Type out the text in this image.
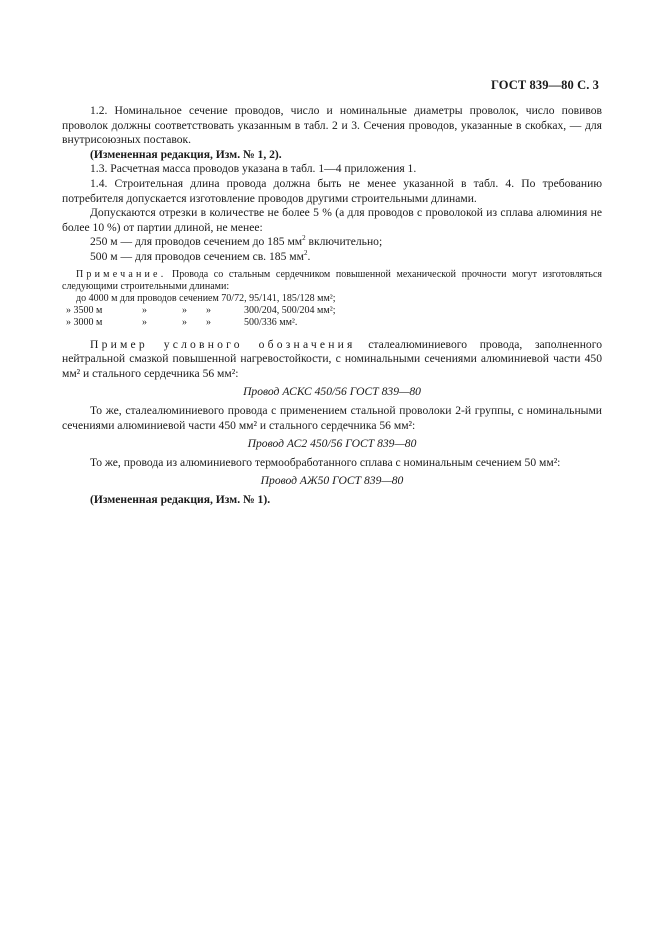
ГОСТ 839—80 С. 3

1.2. Номинальное сечение проводов, число и номинальные диаметры проволок, число повивов проволок должны соответствовать указанным в табл. 2 и 3. Сечения проводов, указанные в скобках, — для внутрисоюзных поставок.

(Измененная редакция, Изм. № 1, 2).

1.3. Расчетная масса проводов указана в табл. 1—4 приложения 1.

1.4. Строительная длина провода должна быть не менее указанной в табл. 4. По требованию потребителя допускается изготовление проводов другими строительными длинами.

Допускаются отрезки в количестве не более 5 % (а для проводов с проволокой из сплава алюминия не более 10 %) от партии длиной, не менее:

250 м — для проводов сечением до 185 $мм^2$ включительно;

500 м — для проводов сечением св. 185 $мм^2$.

Примечание. Провода со стальным сердечником повышенной механической прочности могут изготовляться следующими строительными длинами:

до 4000 м для проводов сечением 70/72, 95/141, 185/128 мм²;
» 3500 м	»	»	»	300/204, 500/204 мм²;
» 3000 м	»	»	»	500/336 мм².

Пример условного обозначения сталеалюминиевого провода, заполненного нейтральной смазкой повышенной нагревостойкости, с номинальными сечениями алюминиевой части 450 мм² и стального сердечника 56 мм²:

Провод АСКС 450/56 ГОСТ 839—80

То же, сталеалюминиевого провода с применением стальной проволоки 2-й группы, с номинальными сечениями алюминиевой части 450 мм² и стального сердечника 56 мм²:

Провод АС2 450/56 ГОСТ 839—80

То же, провода из алюминиевого термообработанного сплава с номинальным сечением 50 мм²:

Провод АЖ50 ГОСТ 839—80

(Измененная редакция, Изм. № 1).
